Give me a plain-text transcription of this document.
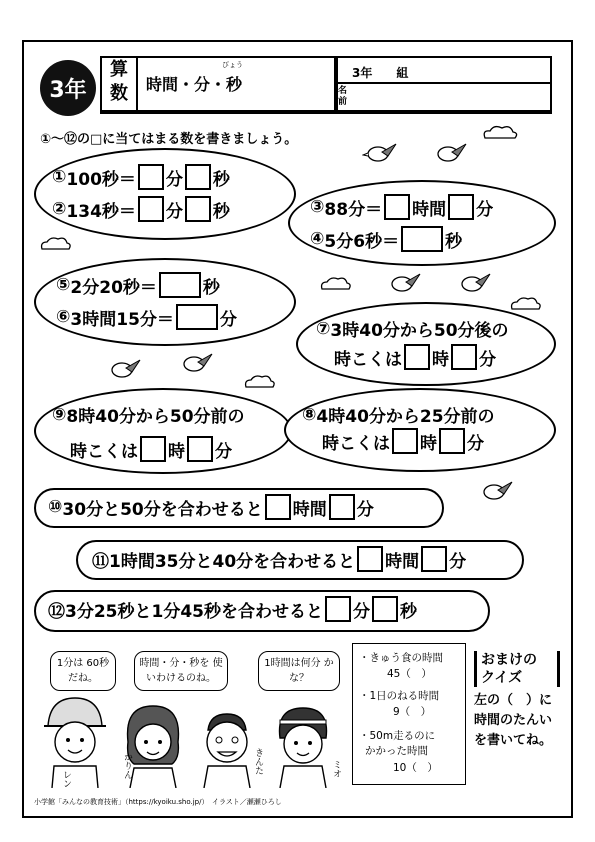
3年
算数
びょう
時間・分・秒
3年　　組
名前
①〜⑫の□に当てはまる数を書きましょう。
① 100秒＝ 分 秒
② 134秒＝ 分 秒	③ 88分＝ 時間 分
④ 5分6秒＝	秒
⑤ 2分20秒＝	秒
⑥ 3時間15分＝	分	⑦ 3時40分から50分後の
時こくは 時 分
⑨ 8時40分から50分前の
時こくは 時 分
⑧ 4時40分から25分前の
時こくは 時 分
⑩ 30分と50分を合わせると 時間 分
⑪ 1時間35分と40分を合わせると 時間 分
⑫ 3分25秒と1分45秒を合わせると 分 秒
1分は 60秒だね。
時間・分・秒を 使いわけるのね。
1時間は何分 かな？
レン	かりん	きんた	ミオ
・きゅう食の時間
45（　）
・1日のねる時間
9（　）
・50m走るのに
かかった時間
10（　）
おまけの
クイズ
左の（　）に
時間のたんい
を書いてね。
小学館「みんなの教育技術」（https://kyoiku.sho.jp/）　イラスト／瀬瀬ひろし
